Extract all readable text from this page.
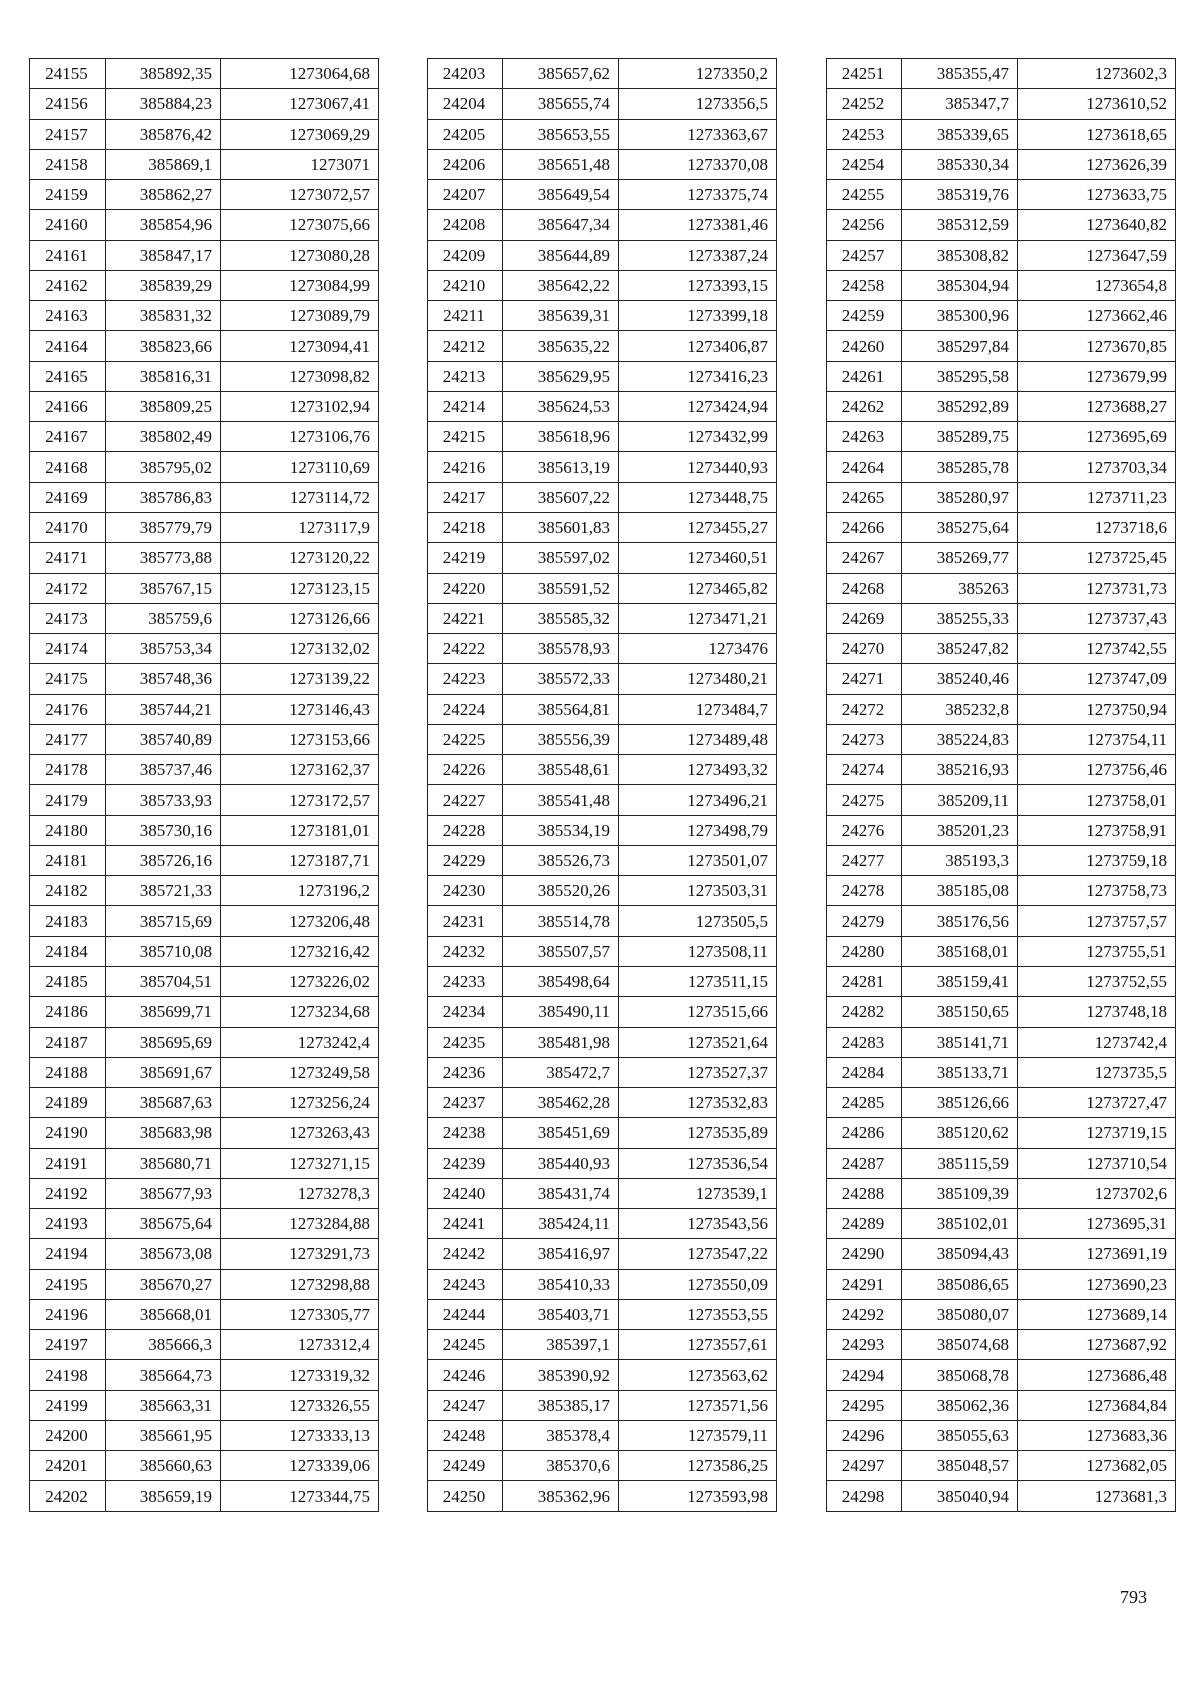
24155	385892,35	1273064,68
24156	385884,23	1273067,41
24157	385876,42	1273069,29
24158	385869,1	1273071
24159	385862,27	1273072,57
24160	385854,96	1273075,66
24161	385847,17	1273080,28
24162	385839,29	1273084,99
24163	385831,32	1273089,79
24164	385823,66	1273094,41
24165	385816,31	1273098,82
24166	385809,25	1273102,94
24167	385802,49	1273106,76
24168	385795,02	1273110,69
24169	385786,83	1273114,72
24170	385779,79	1273117,9
24171	385773,88	1273120,22
24172	385767,15	1273123,15
24173	385759,6	1273126,66
24174	385753,34	1273132,02
24175	385748,36	1273139,22
24176	385744,21	1273146,43
24177	385740,89	1273153,66
24178	385737,46	1273162,37
24179	385733,93	1273172,57
24180	385730,16	1273181,01
24181	385726,16	1273187,71
24182	385721,33	1273196,2
24183	385715,69	1273206,48
24184	385710,08	1273216,42
24185	385704,51	1273226,02
24186	385699,71	1273234,68
24187	385695,69	1273242,4
24188	385691,67	1273249,58
24189	385687,63	1273256,24
24190	385683,98	1273263,43
24191	385680,71	1273271,15
24192	385677,93	1273278,3
24193	385675,64	1273284,88
24194	385673,08	1273291,73
24195	385670,27	1273298,88
24196	385668,01	1273305,77
24197	385666,3	1273312,4
24198	385664,73	1273319,32
24199	385663,31	1273326,55
24200	385661,95	1273333,13
24201	385660,63	1273339,06
24202	385659,19	1273344,75
24203	385657,62	1273350,2
24204	385655,74	1273356,5
24205	385653,55	1273363,67
24206	385651,48	1273370,08
24207	385649,54	1273375,74
24208	385647,34	1273381,46
24209	385644,89	1273387,24
24210	385642,22	1273393,15
24211	385639,31	1273399,18
24212	385635,22	1273406,87
24213	385629,95	1273416,23
24214	385624,53	1273424,94
24215	385618,96	1273432,99
24216	385613,19	1273440,93
24217	385607,22	1273448,75
24218	385601,83	1273455,27
24219	385597,02	1273460,51
24220	385591,52	1273465,82
24221	385585,32	1273471,21
24222	385578,93	1273476
24223	385572,33	1273480,21
24224	385564,81	1273484,7
24225	385556,39	1273489,48
24226	385548,61	1273493,32
24227	385541,48	1273496,21
24228	385534,19	1273498,79
24229	385526,73	1273501,07
24230	385520,26	1273503,31
24231	385514,78	1273505,5
24232	385507,57	1273508,11
24233	385498,64	1273511,15
24234	385490,11	1273515,66
24235	385481,98	1273521,64
24236	385472,7	1273527,37
24237	385462,28	1273532,83
24238	385451,69	1273535,89
24239	385440,93	1273536,54
24240	385431,74	1273539,1
24241	385424,11	1273543,56
24242	385416,97	1273547,22
24243	385410,33	1273550,09
24244	385403,71	1273553,55
24245	385397,1	1273557,61
24246	385390,92	1273563,62
24247	385385,17	1273571,56
24248	385378,4	1273579,11
24249	385370,6	1273586,25
24250	385362,96	1273593,98
24251	385355,47	1273602,3
24252	385347,7	1273610,52
24253	385339,65	1273618,65
24254	385330,34	1273626,39
24255	385319,76	1273633,75
24256	385312,59	1273640,82
24257	385308,82	1273647,59
24258	385304,94	1273654,8
24259	385300,96	1273662,46
24260	385297,84	1273670,85
24261	385295,58	1273679,99
24262	385292,89	1273688,27
24263	385289,75	1273695,69
24264	385285,78	1273703,34
24265	385280,97	1273711,23
24266	385275,64	1273718,6
24267	385269,77	1273725,45
24268	385263	1273731,73
24269	385255,33	1273737,43
24270	385247,82	1273742,55
24271	385240,46	1273747,09
24272	385232,8	1273750,94
24273	385224,83	1273754,11
24274	385216,93	1273756,46
24275	385209,11	1273758,01
24276	385201,23	1273758,91
24277	385193,3	1273759,18
24278	385185,08	1273758,73
24279	385176,56	1273757,57
24280	385168,01	1273755,51
24281	385159,41	1273752,55
24282	385150,65	1273748,18
24283	385141,71	1273742,4
24284	385133,71	1273735,5
24285	385126,66	1273727,47
24286	385120,62	1273719,15
24287	385115,59	1273710,54
24288	385109,39	1273702,6
24289	385102,01	1273695,31
24290	385094,43	1273691,19
24291	385086,65	1273690,23
24292	385080,07	1273689,14
24293	385074,68	1273687,92
24294	385068,78	1273686,48
24295	385062,36	1273684,84
24296	385055,63	1273683,36
24297	385048,57	1273682,05
24298	385040,94	1273681,3
793
